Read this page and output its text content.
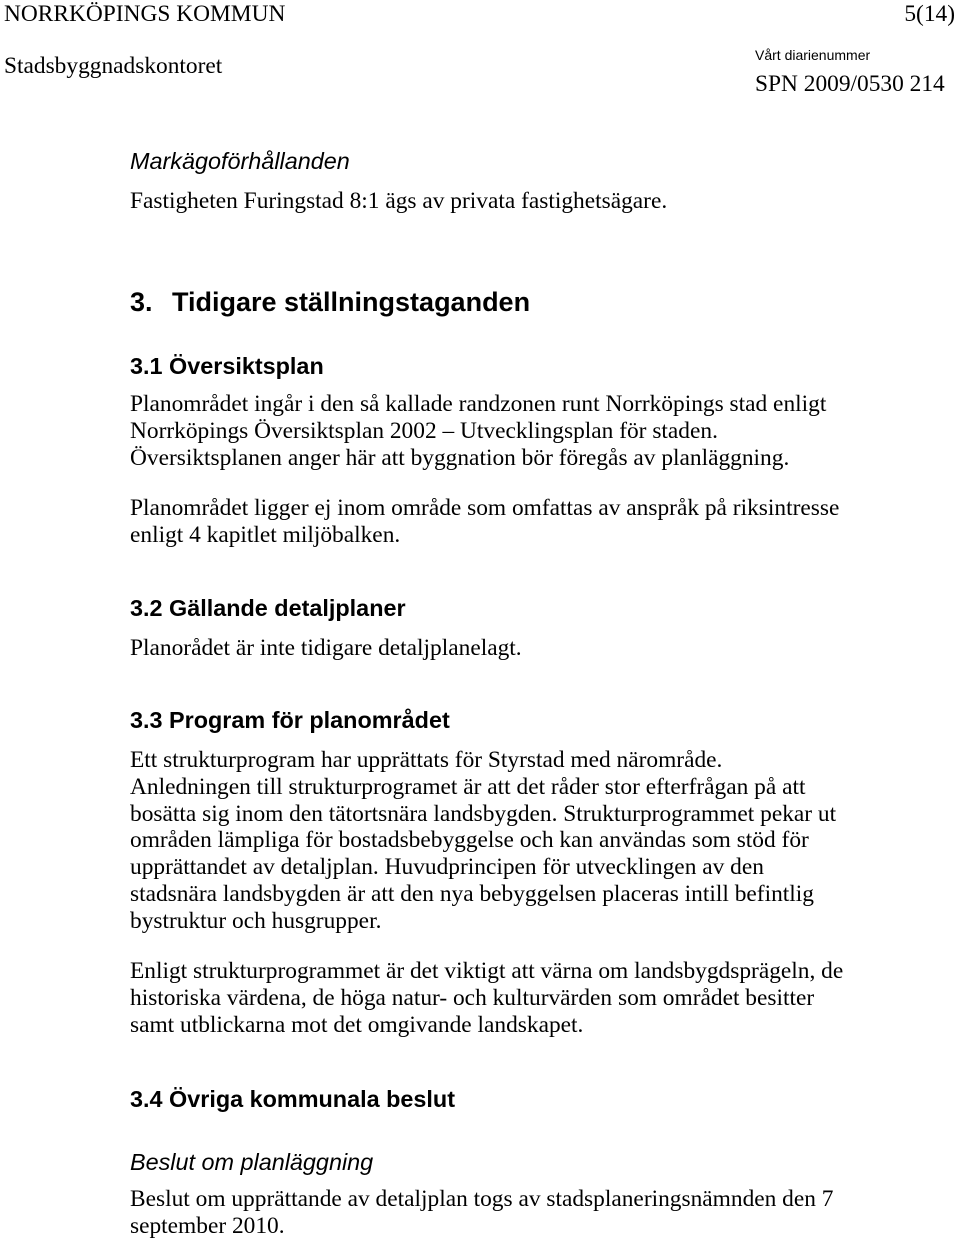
NORRKÖPINGS KOMMUN	5(14)
Stadsbyggnadskontoret	Vårt diarienummer
SPN 2009/0530 214
Markägoförhållanden
Fastigheten Furingstad 8:1 ägs av privata fastighetsägare.
3. Tidigare ställningstaganden
3.1 Översiktsplan
Planområdet ingår i den så kallade randzonen runt Norrköpings stad enligt
Norrköpings Översiktsplan 2002 – Utvecklingsplan för staden.
Översiktsplanen anger här att byggnation bör föregås av planläggning.
Planområdet ligger ej inom område som omfattas av anspråk på riksintresse
enligt 4 kapitlet miljöbalken.
3.2 Gällande detaljplaner
Planorådet är inte tidigare detaljplanelagt.
3.3 Program för planområdet
Ett strukturprogram har upprättats för Styrstad med närområde.
Anledningen till strukturprogramet är att det råder stor efterfrågan på att
bosätta sig inom den tätortsnära landsbygden. Strukturprogrammet pekar ut
områden lämpliga för bostadsbebyggelse och kan användas som stöd för
upprättandet av detaljplan. Huvudprincipen för utvecklingen av den
stadsnära landsbygden är att den nya bebyggelsen placeras intill befintlig
bystruktur och husgrupper.
Enligt strukturprogrammet är det viktigt att värna om landsbygdsprägeln, de
historiska värdena, de höga natur- och kulturvärden som området besitter
samt utblickarna mot det omgivande landskapet.
3.4 Övriga kommunala beslut
Beslut om planläggning
Beslut om upprättande av detaljplan togs av stadsplaneringsnämnden den 7
september 2010.
